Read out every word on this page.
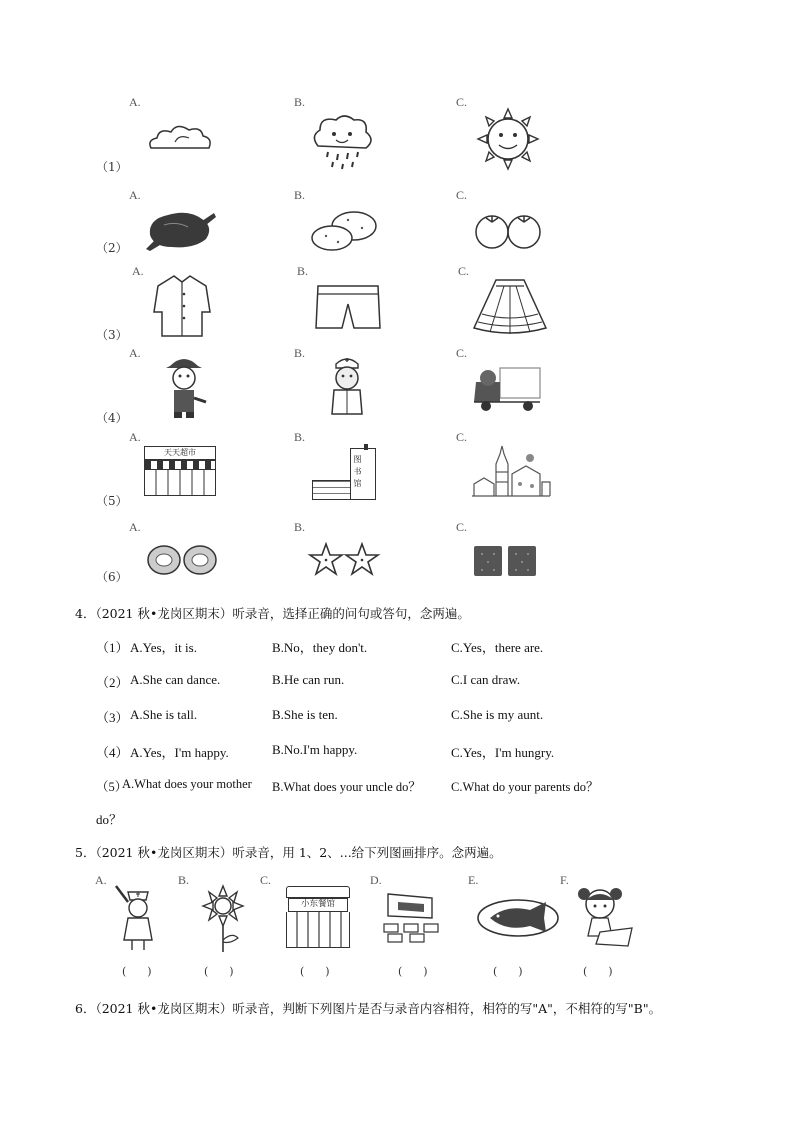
A.	B.	C.
（1）
A.	B.	C.
（2）
A.	B.	C.
（3）
A.	B.	C.
（4）
A.	B.	C.
（5）
天天超市
图书馆
A.	B.	C.
（6）
4．（2021 秋•龙岗区期末）听录音，选择正确的问句或答句，念两遍。
（1） A.Yes，it is.	B.No，they don't.	C.Yes，there are.
（2） A.She can dance.	B.He can run.	C.I can draw.
（3） A.She is tall.	B.She is ten.	C.She is my aunt.
（4） A.Yes，I'm happy.	B.No.I'm happy.	C.Yes，I'm hungry.
（5）
A.What does your mother B.What does your uncle do？ C.What do your parents do？
do？
5．（2021 秋•龙岗区期末）听录音，用 1、2、...给下列图画排序。念两遍。
A.	B.	C.	D.	E.	F.
小东餐馆
(      )	(      )	(      )	(      )	(      )	(      )
6．（2021 秋•龙岗区期末）听录音，判断下列图片是否与录音内容相符，相符的写"A"，不相符的写"B"。
